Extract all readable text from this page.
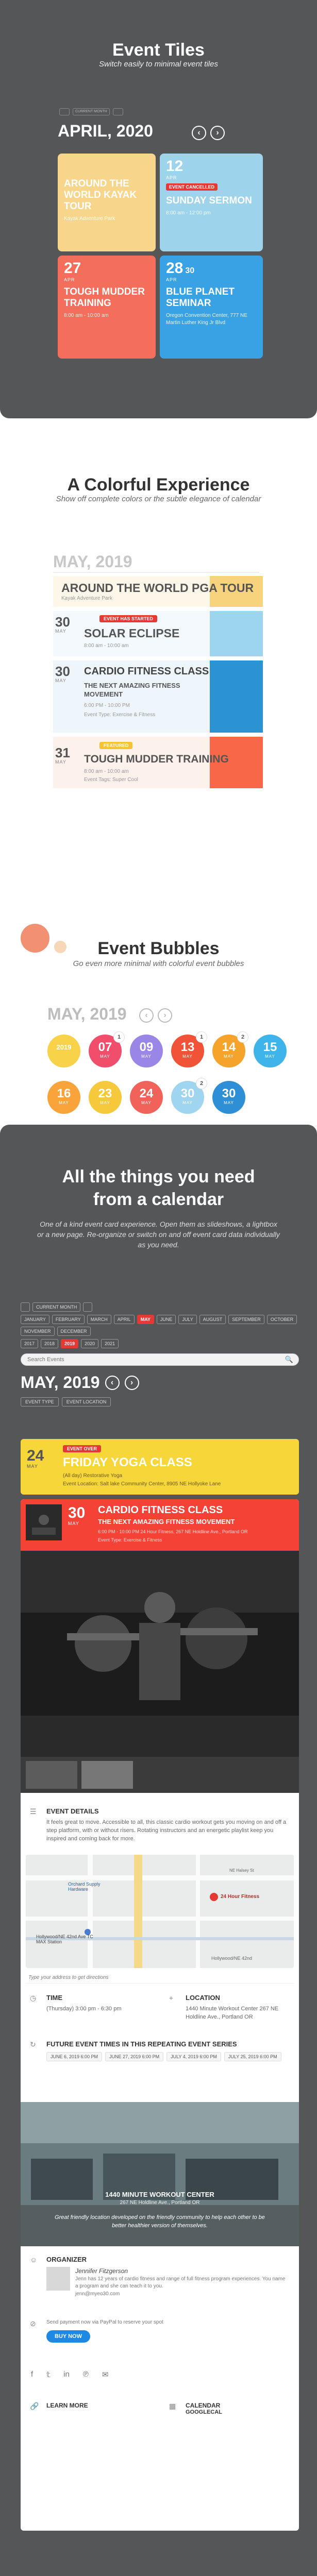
Event Tiles
Switch easily to minimal event tiles
CURRENT MONTH
APRIL, 2020	‹	›
AROUND THE WORLD KAYAK TOUR
Kayak Adventure Park
12
APR
EVENT CANCELLED
SUNDAY SERMON
8:00 am - 12:00 pm
27
APR
TOUGH MUDDER TRAINING
8:00 am - 10:00 am
28 30
APR
BLUE PLANET SEMINAR
Oregon Convention Center, 777 NE Martin Luther King Jr Blvd
A Colorful Experience
Show off complete colors or the subtle elegance of calendar
MAY, 2019
AROUND THE WORLD PGA TOUR
Kayak Adventure Park
30
MAY
EVENT HAS STARTED
SOLAR ECLIPSE
8:00 am - 10:00 am
30
MAY
CARDIO FITNESS CLASS
THE NEXT AMAZING FITNESS MOVEMENT
6:00 PM - 10:00 PM
Event Type: Exercise & Fitness
31
MAY
FEATURED
TOUGH MUDDER TRAINING
8:00 am - 10:00 am
Event Tags: Super Cool
Event Bubbles
Go even more minimal with colorful event bubbles
MAY, 2019	‹	›
2019	07
MAY
1
09
MAY
13
MAY
1
14
MAY
2
15
MAY
16
MAY
23
MAY
24
MAY
30
MAY
2
30
MAY
All the things you need
from a calendar
One of a kind event card experience. Open them as slideshows, a lightbox or a new page. Re-organize or switch on and off event card data individually as you need.
CURRENT MONTH
JANUARY	FEBRUARY	MARCH	APRIL	MAY	JUNE	JULY	AUGUST	SEPTEMBER	OCTOBER
NOVEMBER	DECEMBER
2017	2018	2019	2020	2021
Search Events	🔍
MAY, 2019	‹	›
EVENT TYPE	EVENT LOCATION
24
MAY
EVENT OVER
FRIDAY YOGA CLASS
(All day) Restorative Yoga
Event Location: Salt lake Community Center, 8905 NE Hollyoke Lane
30
MAY
CARDIO FITNESS CLASS
THE NEXT AMAZING FITNESS MOVEMENT
6:00 PM - 10:00 PM 24 Hour Fitness, 267 NE Holdline Ave., Portland OR
Event Type: Exercise & Fitness
☰ EVENT DETAILS
It feels great to move. Accessible to all, this classic cardio workout gets you moving on and off a step platform, with or without risers. Rotating instructors and an energetic playlist keep you inspired and coming back for more.
Orchard Supply Hardware
24 Hour Fitness
Hollywood/NE 42nd Ave TC MAX Station
NE Halsey St
Hollywood/NE 42nd
Type your address to get directions
◷ TIME
(Thursday) 3:00 pm - 6:30 pm
⌖ LOCATION
1440 Minute Workout Center 267 NE Holdline Ave., Portland OR
↻ FUTURE EVENT TIMES IN THIS REPEATING EVENT SERIES
JUNE 6, 2019 6:00 PM	JUNE 27, 2019 6:00 PM	JULY 4, 2019 6:00 PM	JULY 25, 2019 6:00 PM
1440 MINUTE WORKOUT CENTER
267 NE Holdline Ave., Portland OR
Great friendly location developed on the friendly community to help each other to be better healthier version of themselves.
☺ ORGANIZER
Jennifer Fitzgerson
Jenn has 12 years of cardio fitness and range of full fitness program experiences. You name a program and she can teach it to you.
jenn@myeo30.com
⊘ Send payment now via PayPal to reserve your spot
BUY NOW
f 𝕥 in ℗ ✉
🔗 LEARN MORE	▦ CALENDAR
GOOGLECAL
